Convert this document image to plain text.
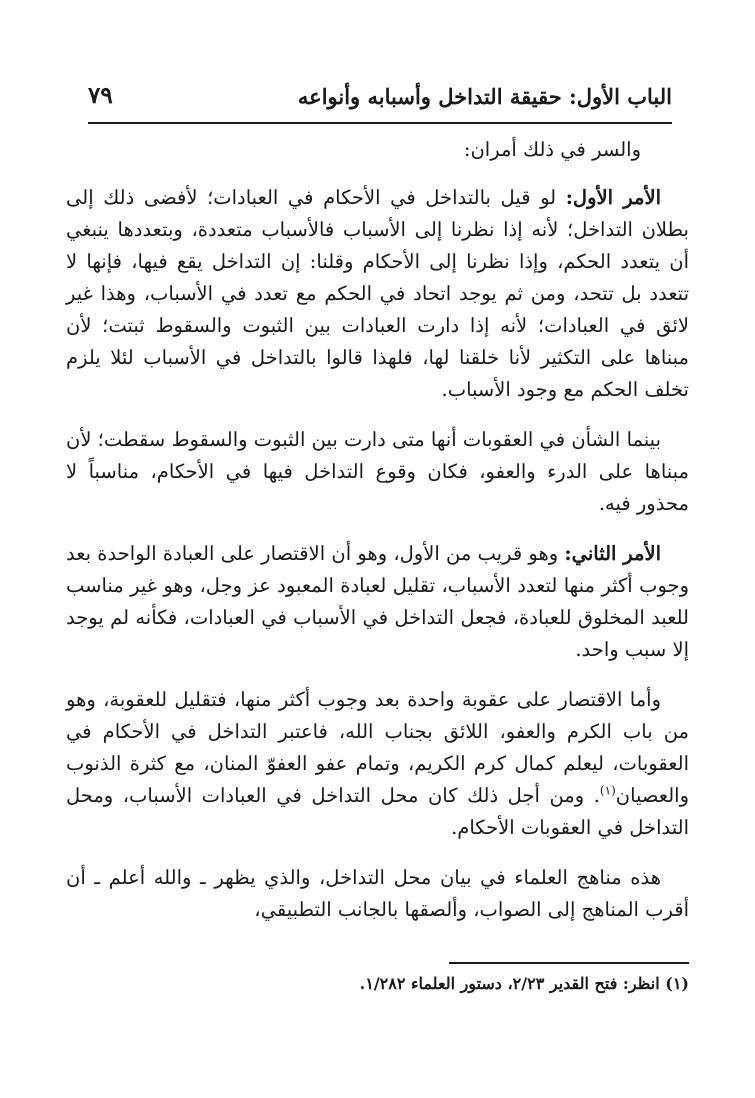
الباب الأول: حقيقة التداخل وأسبابه وأنواعه
٧٩

والسر في ذلك أمران:

الأمر الأول: لو قيل بالتداخل في الأحكام في العبادات؛ لأفضى ذلك إلى بطلان التداخل؛ لأنه إذا نظرنا إلى الأسباب فالأسباب متعددة، وبتعددها ينبغي أن يتعدد الحكم، وإذا نظرنا إلى الأحكام وقلنا: إن التداخل يقع فيها، فإنها لا تتعدد بل تتحد، ومن ثم يوجد اتحاد في الحكم مع تعدد في الأسباب، وهذا غير لائق في العبادات؛ لأنه إذا دارت العبادات بين الثبوت والسقوط ثبتت؛ لأن مبناها على التكثير لأنا خلقنا لها، فلهذا قالوا بالتداخل في الأسباب لئلا يلزم تخلف الحكم مع وجود الأسباب.

بينما الشأن في العقوبات أنها متى دارت بين الثبوت والسقوط سقطت؛ لأن مبناها على الدرء والعفو، فكان وقوع التداخل فيها في الأحكام، مناسباً لا محذور فيه.

الأمر الثاني: وهو قريب من الأول، وهو أن الاقتصار على العبادة الواحدة بعد وجوب أكثر منها لتعدد الأسباب، تقليل لعبادة المعبود عز وجل، وهو غير مناسب للعبد المخلوق للعبادة، فجعل التداخل في الأسباب في العبادات، فكأنه لم يوجد إلا سبب واحد.

وأما الاقتصار على عقوبة واحدة بعد وجوب أكثر منها، فتقليل للعقوبة، وهو من باب الكرم والعفو، اللائق بجناب الله، فاعتبر التداخل في الأحكام في العقوبات، ليعلم كمال كرم الكريم، وتمام عفو العفوّ المنان، مع كثرة الذنوب والعصيان$^{(١)}$. ومن أجل ذلك كان محل التداخل في العبادات الأسباب، ومحل التداخل في العقوبات الأحكام.

هذه مناهج العلماء في بيان محل التداخل، والذي يظهر ـ والله أعلم ـ أن أقرب المناهج إلى الصواب، وألصقها بالجانب التطبيقي،

(١) انظر: فتح القدير ٢/٢٣، دستور العلماء ١/٢٨٢.
